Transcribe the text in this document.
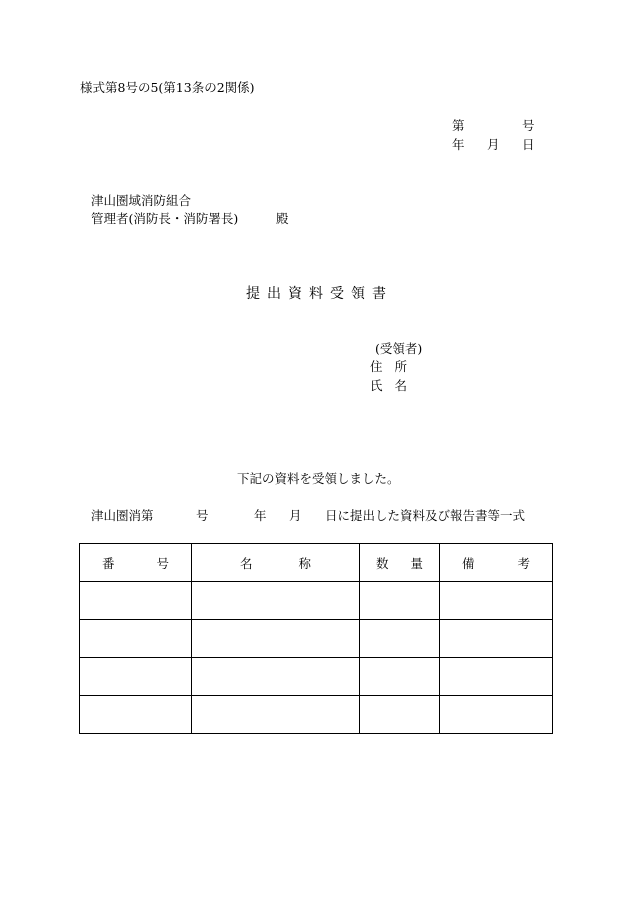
様式第8号の5(第13条の2関係)
第	号
年 月 日
津山圏域消防組合
管理者(消防長・消防署長)	殿
提出資料受領書
(受領者)
住 所
氏 名
下記の資料を受領しました。
津山圏消第	号	年 月 日に提出した資料及び報告書等一式
番 号	名 称	数 量	備 考
